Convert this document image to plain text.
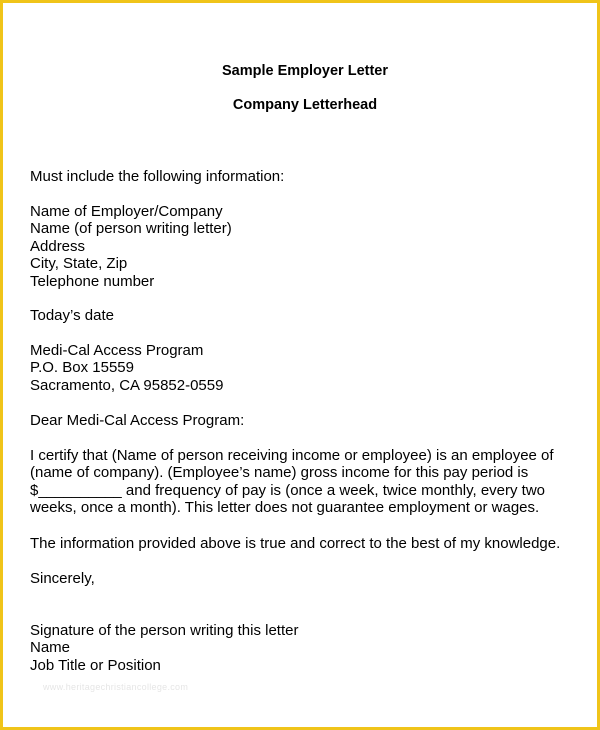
Sample Employer Letter
Company Letterhead

Must include the following information:

Name of Employer/Company

Name (of person writing letter)

Address

City, State, Zip

Telephone number

Today’s date

Medi-Cal Access Program

P.O. Box 15559

Sacramento, CA 95852-0559

Dear Medi-Cal Access Program:

I certify that (Name of person receiving income or employee) is an employee of

(name of company). (Employee’s name) gross income for this pay period is

$__________ and frequency of pay is (once a week, twice monthly, every two

weeks, once a month). This letter does not guarantee employment or wages.

The information provided above is true and correct to the best of my knowledge.

Sincerely,

Signature of the person writing this letter

Name

Job Title or Position

www.heritagechristiancollege.com
